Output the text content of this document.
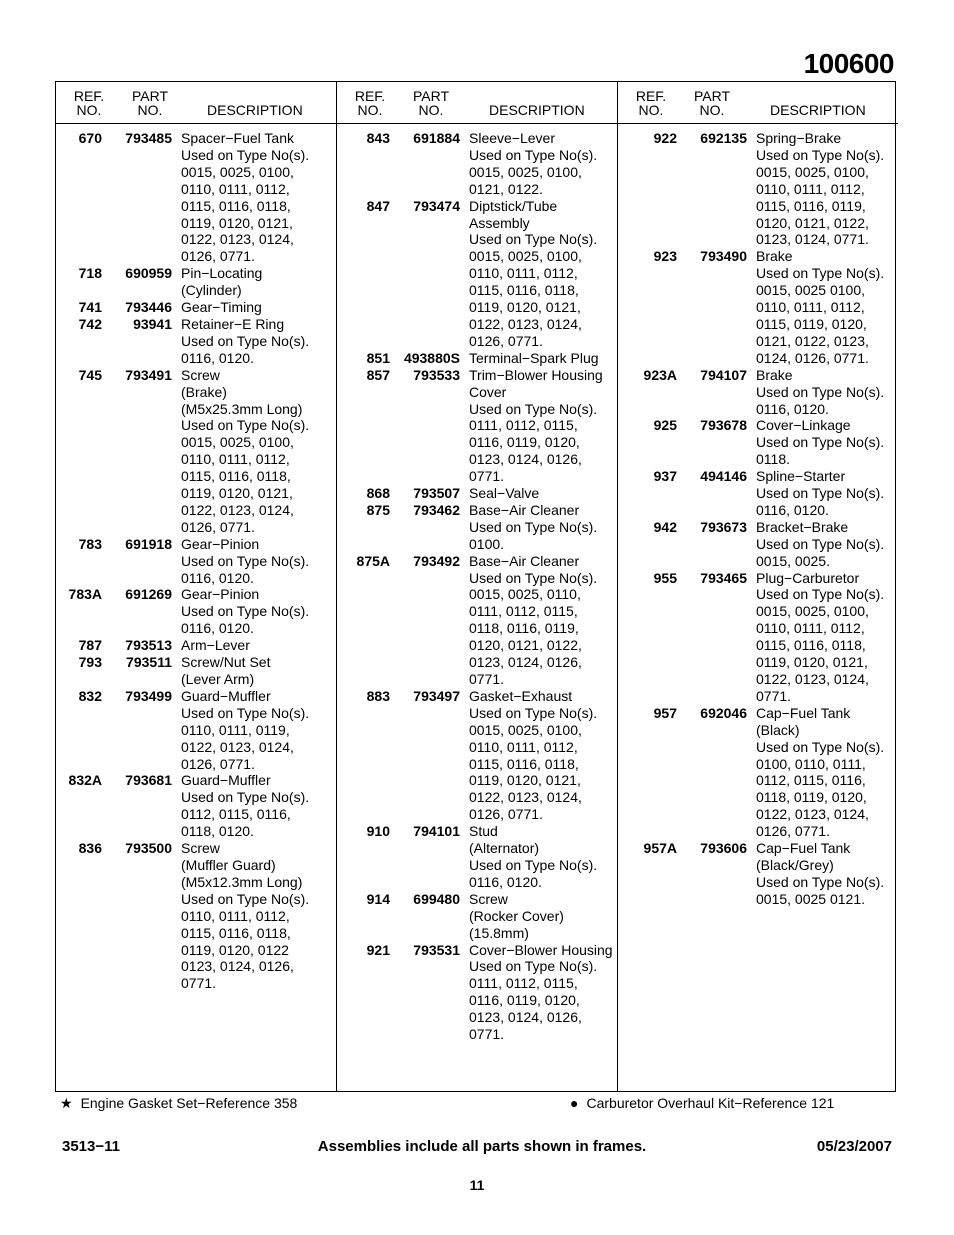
100600
REF.
NO.
PART
NO.	DESCRIPTION
670	793485 Spacer−Fuel Tank
Used on Type No(s).
0015, 0025, 0100,
0110, 0111, 0112,
0115, 0116, 0118,
0119, 0120, 0121,
0122, 0123, 0124,
0126, 0771.
718	690959 Pin−Locating
(Cylinder)
741	793446 Gear−Timing
742	93941 Retainer−E Ring
Used on Type No(s).
0116, 0120.
745	793491 Screw
(Brake)
(M5x25.3mm Long)
Used on Type No(s).
0015, 0025, 0100,
0110, 0111, 0112,
0115, 0116, 0118,
0119, 0120, 0121,
0122, 0123, 0124,
0126, 0771.
783	691918 Gear−Pinion
Used on Type No(s).
0116, 0120.
783A	691269 Gear−Pinion
Used on Type No(s).
0116, 0120.
787	793513 Arm−Lever
793	793511 Screw/Nut Set
(Lever Arm)
832	793499 Guard−Muffler
Used on Type No(s).
0110, 0111, 0119,
0122, 0123, 0124,
0126, 0771.
832A	793681 Guard−Muffler
Used on Type No(s).
0112, 0115, 0116,
0118, 0120.
836	793500 Screw
(Muffler Guard)
(M5x12.3mm Long)
Used on Type No(s).
0110, 0111, 0112,
0115, 0116, 0118,
0119, 0120, 0122
0123, 0124, 0126,
0771.
REF.
NO.
PART
NO.	DESCRIPTION
843	691884 Sleeve−Lever
Used on Type No(s).
0015, 0025, 0100,
0121, 0122.
847	793474 Diptstick/Tube
Assembly
Used on Type No(s).
0015, 0025, 0100,
0110, 0111, 0112,
0115, 0116, 0118,
0119, 0120, 0121,
0122, 0123, 0124,
0126, 0771.
851 493880S Terminal−Spark Plug
857	793533 Trim−Blower Housing
Cover
Used on Type No(s).
0111, 0112, 0115,
0116, 0119, 0120,
0123, 0124, 0126,
0771.
868	793507 Seal−Valve
875	793462 Base−Air Cleaner
Used on Type No(s).
0100.
875A	793492 Base−Air Cleaner
Used on Type No(s).
0015, 0025, 0110,
0111, 0112, 0115,
0118, 0116, 0119,
0120, 0121, 0122,
0123, 0124, 0126,
0771.
883	793497 Gasket−Exhaust
Used on Type No(s).
0015, 0025, 0100,
0110, 0111, 0112,
0115, 0116, 0118,
0119, 0120, 0121,
0122, 0123, 0124,
0126, 0771.
910	794101 Stud
(Alternator)
Used on Type No(s).
0116, 0120.
914	699480 Screw
(Rocker Cover)
(15.8mm)
921	793531 Cover−Blower Housing
Used on Type No(s).
0111, 0112, 0115,
0116, 0119, 0120,
0123, 0124, 0126,
0771.
REF.
NO.
PART
NO.	DESCRIPTION
922	692135 Spring−Brake
Used on Type No(s).
0015, 0025, 0100,
0110, 0111, 0112,
0115, 0116, 0119,
0120, 0121, 0122,
0123, 0124, 0771.
923	793490 Brake
Used on Type No(s).
0015, 0025 0100,
0110, 0111, 0112,
0115, 0119, 0120,
0121, 0122, 0123,
0124, 0126, 0771.
923A	794107 Brake
Used on Type No(s).
0116, 0120.
925	793678 Cover−Linkage
Used on Type No(s).
0118.
937	494146 Spline−Starter
Used on Type No(s).
0116, 0120.
942	793673 Bracket−Brake
Used on Type No(s).
0015, 0025.
955	793465 Plug−Carburetor
Used on Type No(s).
0015, 0025, 0100,
0110, 0111, 0112,
0115, 0116, 0118,
0119, 0120, 0121,
0122, 0123, 0124,
0771.
957	692046 Cap−Fuel Tank
(Black)
Used on Type No(s).
0100, 0110, 0111,
0112, 0115, 0116,
0118, 0119, 0120,
0122, 0123, 0124,
0126, 0771.
957A	793606 Cap−Fuel Tank
(Black/Grey)
Used on Type No(s).
0015, 0025 0121.
★ Engine Gasket Set−Reference 358	● Carburetor Overhaul Kit−Reference 121
3513−11	Assemblies include all parts shown in frames.	05/23/2007
11
